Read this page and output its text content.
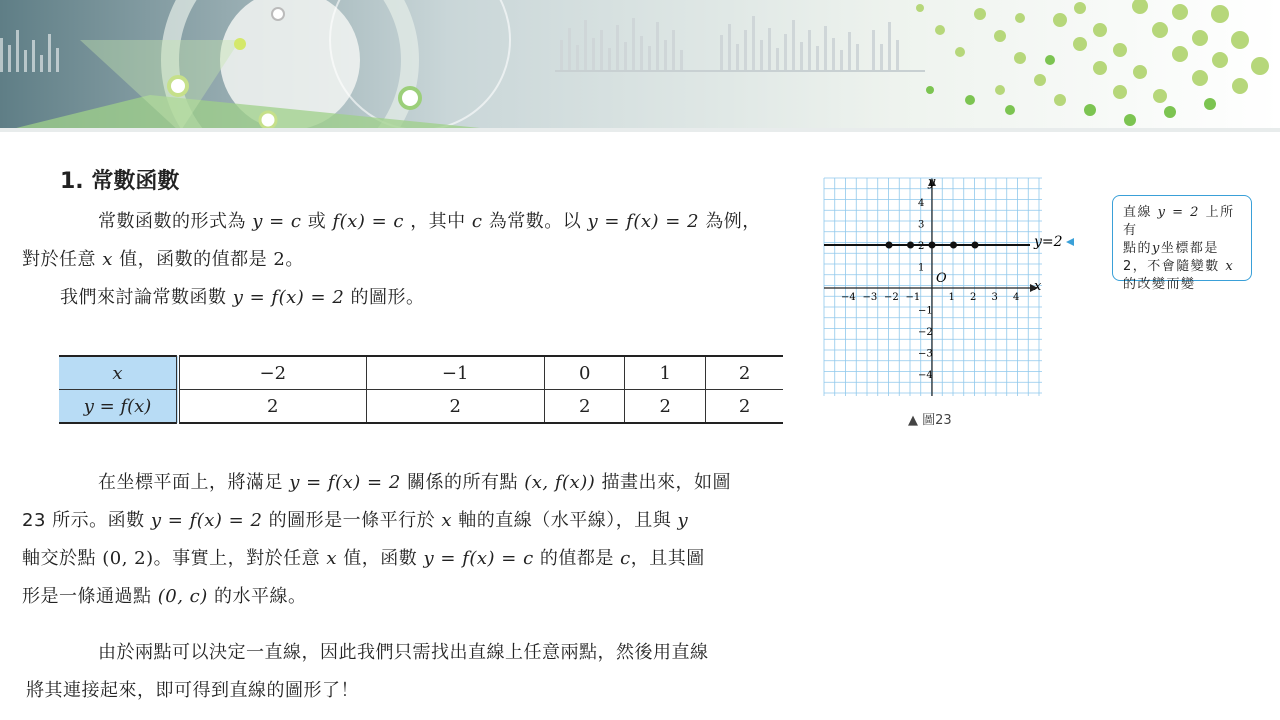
1. 常數函數
常數函數的形式為 y = c 或 f(x) = c ，其中 c 為常數。以 y = f(x) = 2 為例，
對於任意 x 值，函數的值都是 2。
我們來討論常數函數 y = f(x) = 2 的圖形。
x	−2	−1	0	1	2
y = f(x)	2	2	2	2	2
在坐標平面上，將滿足 y = f(x) = 2 關係的所有點 (x, f(x)) 描畫出來，如圖
23 所示。函數 y = f(x) = 2 的圖形是一條平行於 x 軸的直線（水平線），且與 y
軸交於點 (0, 2)。事實上，對於任意 x 值，函數 y = f(x) = c 的值都是 c，且其圖
形是一條通過點 (0, c) 的水平線。
由於兩點可以決定一直線，因此我們只需找出直線上任意兩點，然後用直線
將其連接起來，即可得到直線的圖形了！
x
y
O
−4 −3 −2 −1	1 2 3 4
4
3
2
1
−1
−2
−3
−4
y=2
▲ 圖23
直線 y = 2 上所有
點的y坐標都是
2，不會隨變數 x
的改變而變
